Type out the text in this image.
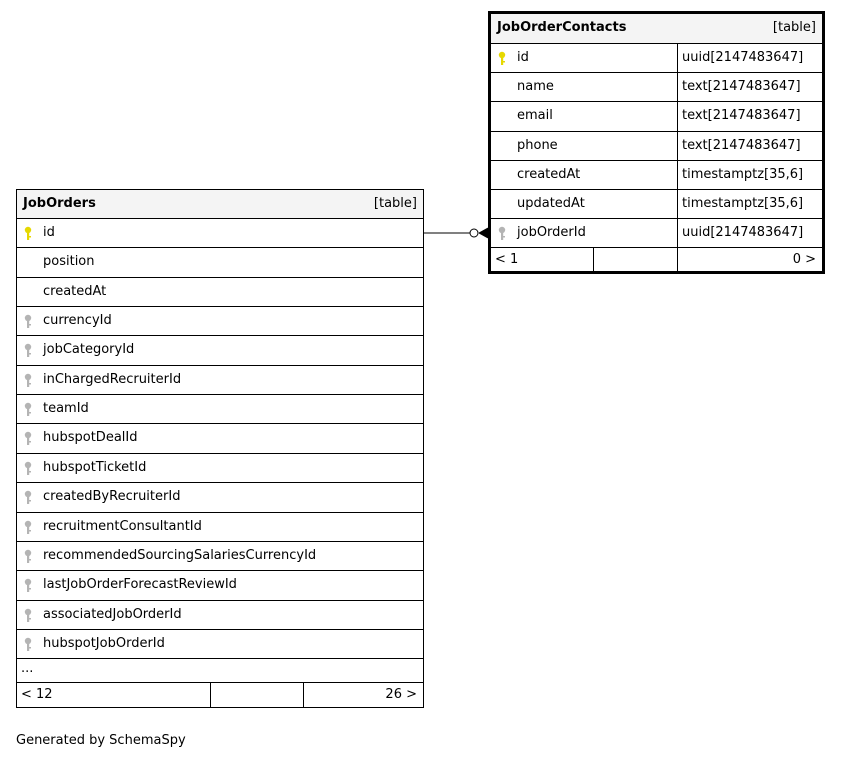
JobOrders	[table]
id
position
createdAt
currencyId
jobCategoryId
inChargedRecruiterId
teamId
hubspotDealId
hubspotTicketId
createdByRecruiterId
recruitmentConsultantId
recommendedSourcingSalariesCurrencyId
lastJobOrderForecastReviewId
associatedJobOrderId
hubspotJobOrderId
...
< 12	26 >
JobOrderContacts	[table]
id	uuid[2147483647]
name	text[2147483647]
email	text[2147483647]
phone	text[2147483647]
createdAt	timestamptz[35,6]
updatedAt	timestamptz[35,6]
jobOrderId	uuid[2147483647]
< 1	0 >
Generated by SchemaSpy
